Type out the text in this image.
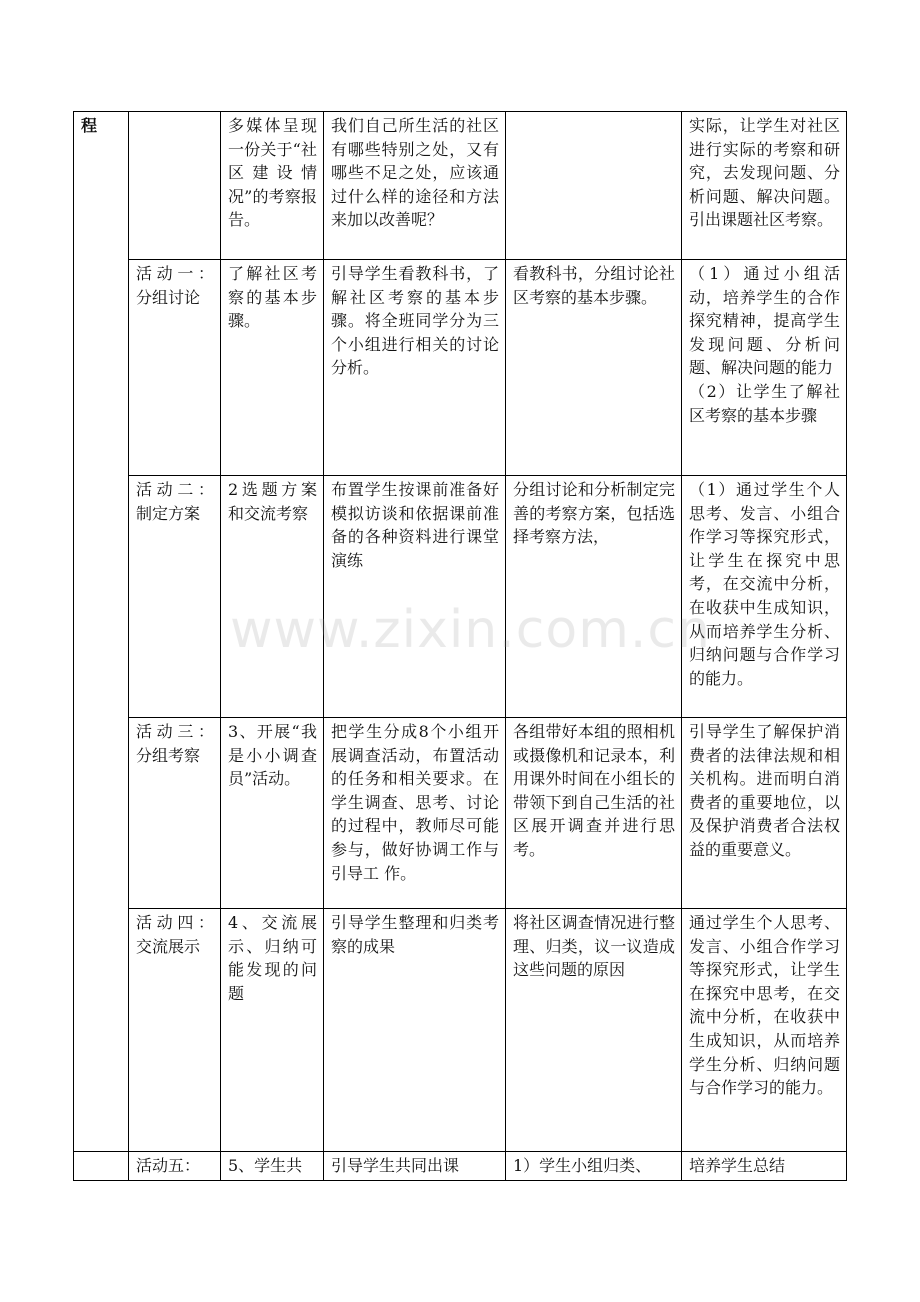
程		多媒体呈现一份关于“社区建设情况”的考察报告。	我们自己所生活的社区有哪些特别之处，又有哪些不足之处，应该通过什么样的途径和方法来加以改善呢？		实际，让学生对社区进行实际的考察和研究，去发现问题、分析问题、解决问题。引出课题社区考察。
	活动一：分组讨论	了解社区考察的基本步骤。	引导学生看教科书，了解社区考察的基本步骤。将全班同学分为三个小组进行相关的讨论分析。	看教科书，分组讨论社区考察的基本步骤。	（1）通过小组活动，培养学生的合作探究精神，提高学生发现问题、分析问题、解决问题的能力
（2）让学生了解社区考察的基本步骤
	活动二：制定方案	2选题方案和交流考察	布置学生按课前准备好模拟访谈和依据课前准备的各种资料进行课堂演练	分组讨论和分析制定完善的考察方案，包括选择考察方法，	（1）通过学生个人思考、发言、小组合作学习等探究形式，让学生在探究中思考，在交流中分析，在收获中生成知识，从而培养学生分析、归纳问题与合作学习的能力。
	活动三：分组考察	3、开展“我是小小调查员”活动。	把学生分成8个小组开展调查活动，布置活动的任务和相关要求。在学生调查、思考、讨论的过程中，教师尽可能参与，做好协调工作与引导工 作。	各组带好本组的照相机或摄像机和记录本，利用课外时间在小组长的带领下到自己生活的社区展开调查并进行思考。	引导学生了解保护消费者的法律法规和相关机构。进而明白消费者的重要地位，以及保护消费者合法权益的重要意义。
	活动四：交流展示	4、交流展示、归纳可能发现的问题	引导学生整理和归类考察的成果	将社区调查情况进行整理、归类，议一议造成这些问题的原因	通过学生个人思考、发言、小组合作学习等探究形式，让学生在探究中思考，在交流中分析，在收获中生成知识，从而培养学生分析、归纳问题与合作学习的能力。
	活动五：	5、学生共	引导学生共同出课	1）学生小组归类、	培养学生总结
www.zixin.com.cn
